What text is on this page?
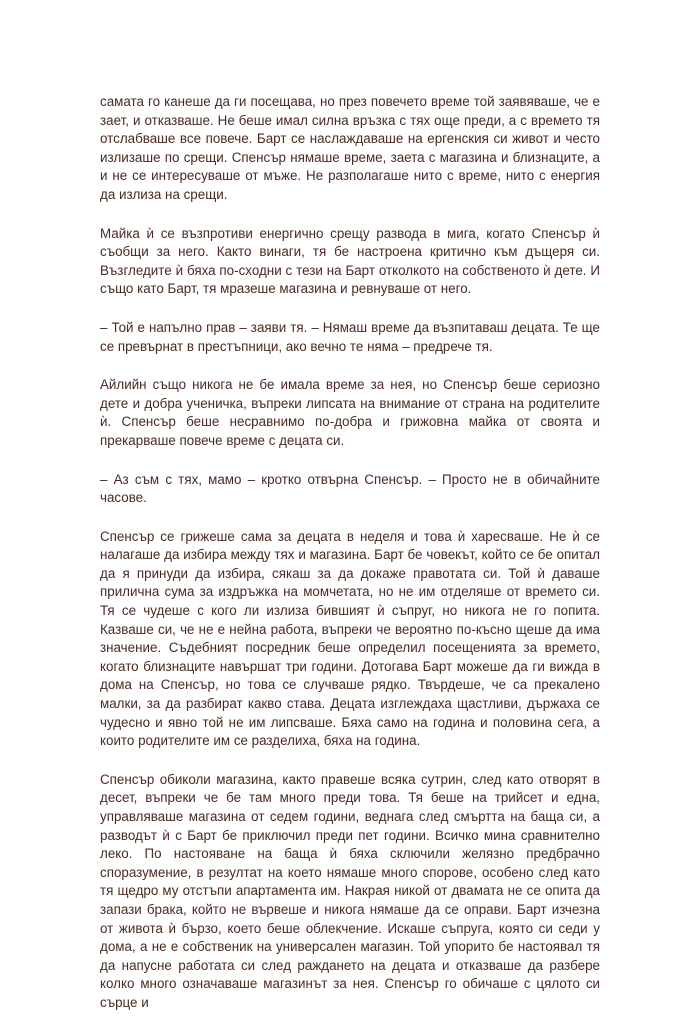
самата го канеше да ги посещава, но през повечето време той заявяваше, че е зает, и отказваше. Не беше имал силна връзка с тях още преди, а с времето тя отслабваше все повече. Барт се наслаждаваше на ергенския си живот и често излизаше по срещи. Спенсър нямаше време, заета с магазина и близнаците, а и не се интересуваше от мъже. Не разполагаше нито с време, нито с енергия да излиза на срещи.

Майка ѝ се възпротиви енергично срещу развода в мига, когато Спенсър ѝ съобщи за него. Както винаги, тя бе настроена критично към дъщеря си. Възгледите ѝ бяха по-сходни с тези на Барт отколкото на собственото ѝ дете. И също като Барт, тя мразеше магазина и ревнуваше от него.

– Той е напълно прав – заяви тя. – Нямаш време да възпитаваш децата. Те ще се превърнат в престъпници, ако вечно те няма – предрече тя.

Айлийн също никога не бе имала време за нея, но Спенсър беше сериозно дете и добра ученичка, въпреки липсата на внимание от страна на родителите ѝ. Спенсър беше несравнимо по-добра и грижовна майка от своята и прекарваше повече време с децата си.

– Аз съм с тях, мамо – кротко отвърна Спенсър. – Просто не в обичайните часове.

Спенсър се грижеше сама за децата в неделя и това ѝ харесваше. Не ѝ се налагаше да избира между тях и магазина. Барт бе човекът, който се бе опитал да я принуди да избира, сякаш за да докаже правотата си. Той ѝ даваше прилична сума за издръжка на момчетата, но не им отделяше от времето си. Тя се чудеше с кого ли излиза бившият ѝ съпруг, но никога не го попита. Казваше си, че не е нейна работа, въпреки че вероятно по-късно щеше да има значение. Съдебният посредник беше определил посещенията за времето, когато близнаците навършат три години. Дотогава Барт можеше да ги вижда в дома на Спенсър, но това се случваше рядко. Твърдеше, че са прекалено малки, за да разбират какво става. Децата изглеждаха щастливи, държаха се чудесно и явно той не им липсваше. Бяха само на година и половина сега, а които родителите им се разделиха, бяха на година.

Спенсър обиколи магазина, както правеше всяка сутрин, след като отворят в десет, въпреки че бе там много преди това. Тя беше на трийсет и една, управляваше магазина от седем години, веднага след смъртта на баща си, а разводът ѝ с Барт бе приключил преди пет години. Всичко мина сравнително леко. По настояване на баща ѝ бяха сключили желязно предбрачно споразумение, в резултат на което нямаше много спорове, особено след като тя щедро му отстъпи апартамента им. Накрая никой от двамата не се опита да запази брака, който не вървеше и никога нямаше да се оправи. Барт изчезна от живота ѝ бързо, което беше облекчение. Искаше съпруга, която си седи у дома, а не е собственик на универсален магазин. Той упорито бе настоявал тя да напусне работата си след раждането на децата и отказваше да разбере колко много означаваше магазинът за нея. Спенсър го обичаше с цялото си сърце и
